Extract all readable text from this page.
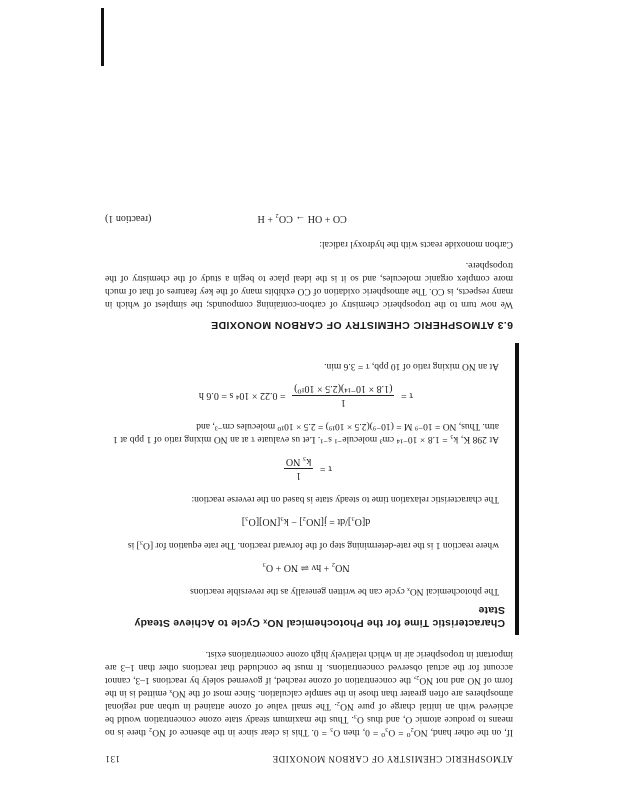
ATMOSPHERIC CHEMISTRY OF CARBON MONOXIDE
131

If, on the other hand, NO₂⁰ = O₃⁰ = 0, then O₃ = 0. This is clear since in the absence of NO₂ there is no means to produce atomic O, and thus O₃. Thus the maximum steady state ozone concentration would be achieved with an initial charge of pure NO₂. The small value of ozone attained in urban and regional atmospheres are often greater than those in the sample calculation. Since most of the NOₓ emitted is in the form of NO and not NO₂, the concentration of ozone reached, if governed solely by reactions 1–3, cannot account for the actual observed concentrations. It must be concluded that reactions other than 1–3 are important in tropospheric air in which relatively high ozone concentrations exist.

Characteristic Time for the Photochemical NOₓ Cycle to Achieve Steady State

The photochemical NOₓ cycle can be written generally as the reversible reactions

NO₂ + hν ⇌ NO + O₃

where reaction 1 is the rate-determining step of the forward reaction. The rate equation for [O₃] is

d[O₃]/dt = j[NO₂] − k₃[NO][O₃]

The characteristic relaxation time to steady state is based on the reverse reaction:

τ =
1
k₃ NO

At 298 K, k₃ = 1.8 × 10⁻¹⁴ cm³ molecule⁻¹ s⁻¹. Let us evaluate τ at an NO mixing ratio of 1 ppb at 1 atm. Thus, NO = 10⁻⁹ M = (10⁻⁹)(2.5 × 10¹⁹) = 2.5 × 10¹⁰ molecules cm⁻³, and

τ =
1
(1.8 × 10⁻¹⁴)(2.5 × 10¹⁰)
= 0.22 × 10⁴ s = 0.6 h

At an NO mixing ratio of 10 ppb, τ = 3.6 min.

6.3 ATMOSPHERIC CHEMISTRY OF CARBON MONOXIDE

We now turn to the tropospheric chemistry of carbon-containing compounds; the simplest of which in many respects, is CO. The atmospheric oxidation of CO exhibits many of the key features of that of much more complex organic molecules, and so it is the ideal place to begin a study of the chemistry of the troposphere.

Carbon monoxide reacts with the hydroxyl radical:

CO + OH → CO₂ + H
(reaction 1)
